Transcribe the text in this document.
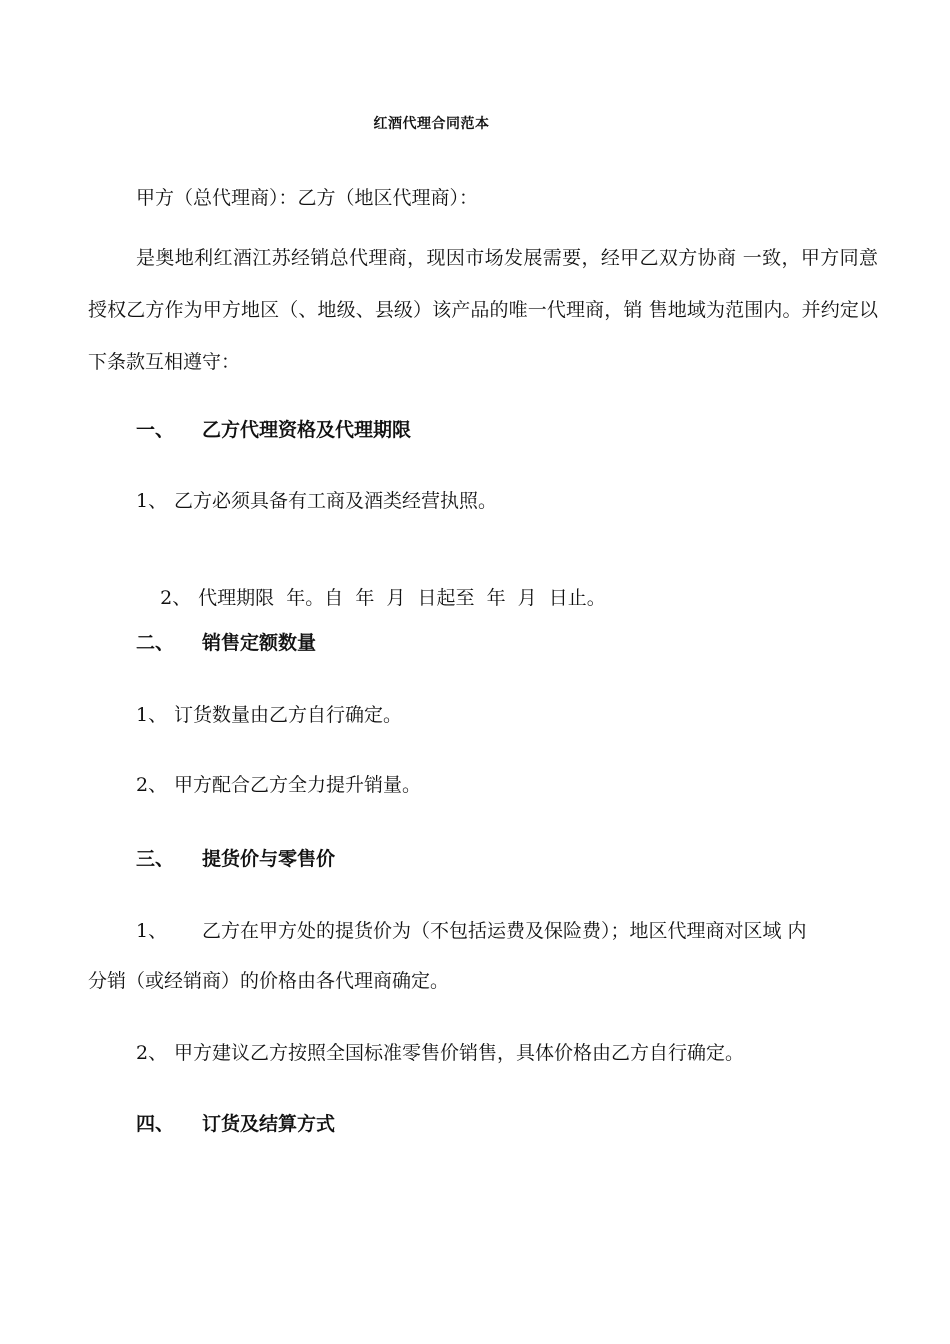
红酒代理合同范本

甲方（总代理商）：乙方（地区代理商）：

是奥地利红酒江苏经销总代理商，现因市场发展需要，经甲乙双方协商 一致，甲方同意授权乙方作为甲方地区（、地级、县级）该产品的唯一代理商，销 售地域为范围内。并约定以下条款互相遵守：

一、 乙方代理资格及代理期限
1、 乙方必须具备有工商及酒类经营执照。

2、 代理期限  年。自  年  月  日起至  年  月  日止。

二、 销售定额数量
1、 订货数量由乙方自行确定。
2、 甲方配合乙方全力提升销量。
三、 提货价与零售价
1、 乙方在甲方处的提货价为（不包括运费及保险费）；地区代理商对区域 内
分销（或经销商）的价格由各代理商确定。
2、 甲方建议乙方按照全国标准零售价销售，具体价格由乙方自行确定。
四、 订货及结算方式
